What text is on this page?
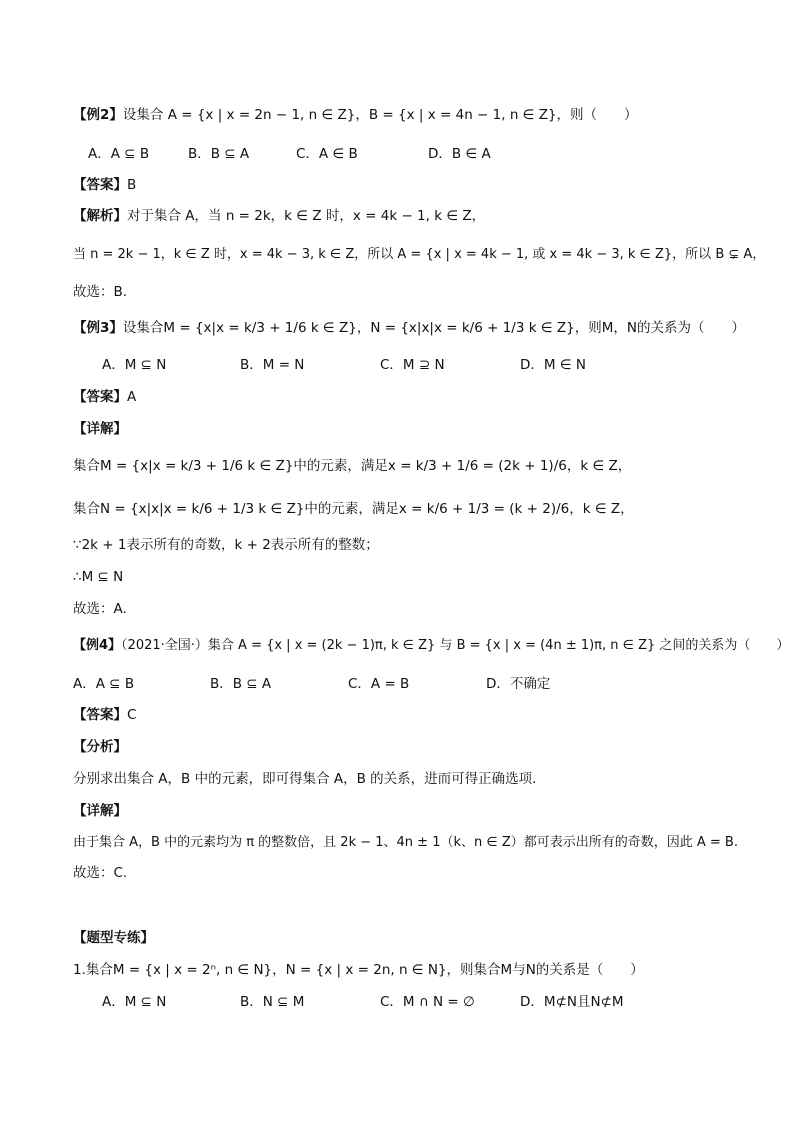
【例2】设集合 A = {x | x = 2n − 1, n ∈ Z}，B = {x | x = 4n − 1, n ∈ Z}，则（　　）
A．A ⊆ B	B．B ⊆ A	C．A ∈ B	D．B ∈ A
【答案】B
【解析】对于集合 A，当 n = 2k，k ∈ Z 时，x = 4k − 1, k ∈ Z，
当 n = 2k − 1，k ∈ Z 时，x = 4k − 3, k ∈ Z，所以 A = {x | x = 4k − 1, 或 x = 4k − 3, k ∈ Z}，所以 B ⊊ A，
故选：B.
【例3】设集合M = {x|x = k/3 + 1/6 k ∈ Z}，N = {x|x|x = k/6 + 1/3 k ∈ Z}，则M，N的关系为（　　）
A．M ⊆ N	B．M = N	C．M ⊇ N	D．M ∈ N
【答案】A
【详解】
集合M = {x|x = k/3 + 1/6 k ∈ Z}中的元素，满足x = k/3 + 1/6 = (2k + 1)/6，k ∈ Z，
集合N = {x|x|x = k/6 + 1/3 k ∈ Z}中的元素，满足x = k/6 + 1/3 = (k + 2)/6，k ∈ Z，
∵2k + 1表示所有的奇数，k + 2表示所有的整数；
∴M ⊆ N
故选：A.
【例4】（2021·全国·）集合 A = {x | x = (2k − 1)π, k ∈ Z} 与 B = {x | x = (4n ± 1)π, n ∈ Z} 之间的关系为（　　）
A．A ⊆ B	B．B ⊆ A	C．A = B	D．不确定
【答案】C
【分析】
分别求出集合 A，B 中的元素，即可得集合 A，B 的关系，进而可得正确选项.
【详解】
由于集合 A，B 中的元素均为 π 的整数倍，且 2k − 1、4n ± 1（k、n ∈ Z）都可表示出所有的奇数，因此 A = B.
故选：C.
【题型专练】
1.集合M = {x | x = 2ⁿ, n ∈ N}，N = {x | x = 2n, n ∈ N}，则集合M与N的关系是（　　）
A．M ⊆ N	B．N ⊆ M	C．M ∩ N = ∅	D．M⊄N且N⊄M
